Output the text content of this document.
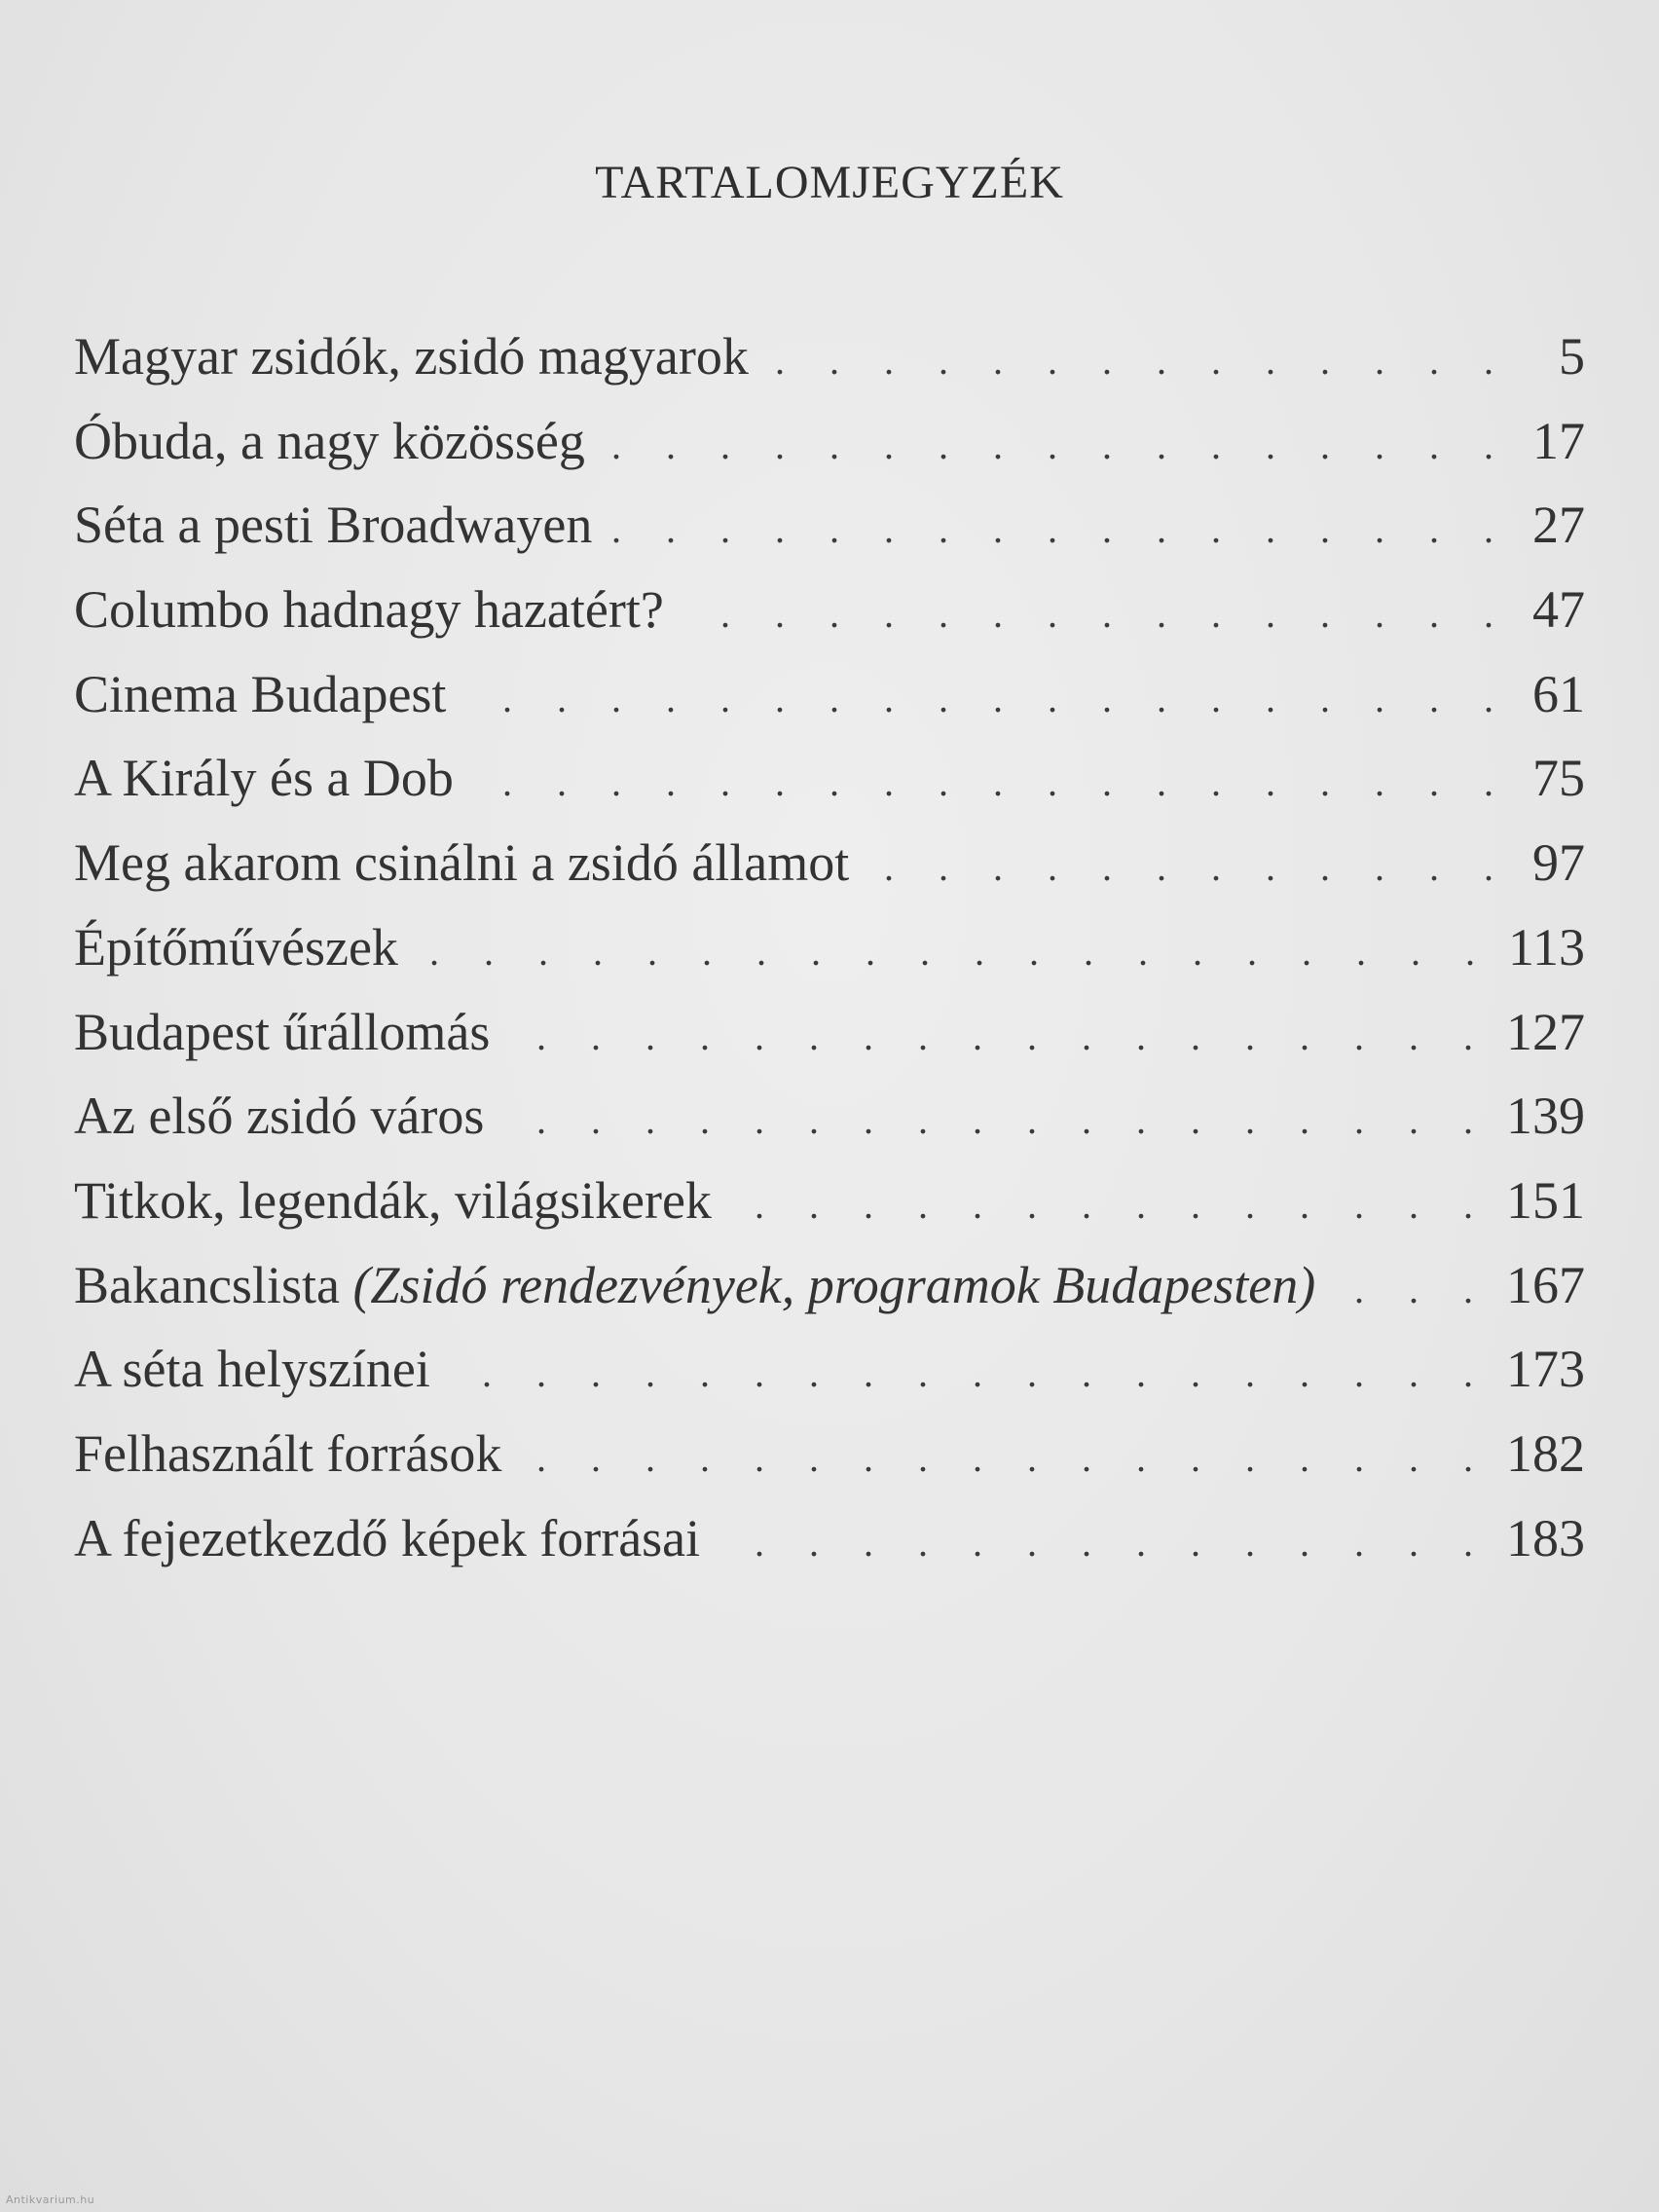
TARTALOMJEGYZÉK
Magyar zsidók, zsidó magyarok . . .	5
Óbuda, a nagy közösség . . .	17
Séta a pesti Broadwayen . . .	27
Columbo hadnagy hazatért? . . .	47
Cinema Budapest . . .	61
A Király és a Dob . . .	75
Meg akarom csinálni a zsidó államot . . .	97
Építőművészek . . .	113
Budapest űrállomás . . .	127
Az első zsidó város . . .	139
Titkok, legendák, világsikerek . . .	151
Bakancslista (Zsidó rendezvények, programok Budapesten) . . .	167
A séta helyszínei . . .	173
Felhasznált források . . .	182
A fejezetkezdő képek forrásai . . .	183
Antikvarium.hu
